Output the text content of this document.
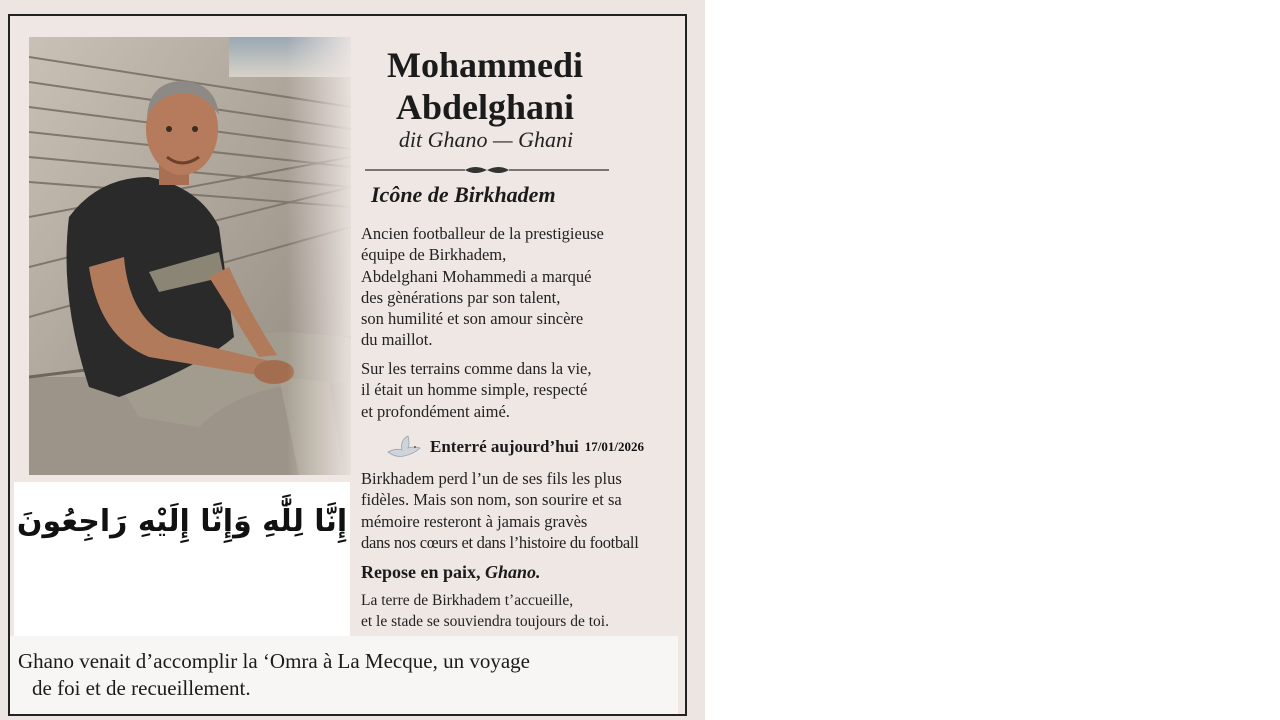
Mohammedi
Abdelghani
dit Ghano — Ghani
Icône de Birkhadem
Ancien footballeur de la prestigieuse
équipe de Birkhadem,
Abdelghani Mohammedi a marqué
des gènérations par son talent,
son humilité et son amour sincère
du maillot.
Sur les terrains comme dans la vie,
il était un homme simple, respecté
et profondément aimé.
Enterré aujourd’hui 17/01/2026
Birkhadem perd l’un de ses fils les plus
fidèles. Mais son nom, son sourire et sa
mémoire resteront à jamais gravès
dans nos cœurs et dans l’histoire du football
Repose en paix, Ghano.
La terre de Birkhadem t’accueille,
et le stade se souviendra toujours de toi.
إِنَّا لِلَّٰهِ وَإِنَّا إِلَيْهِ رَاجِعُونَ
Ghano venait d’accomplir la ‘Omra à La Mecque, un voyage
de foi et de recueillement.
